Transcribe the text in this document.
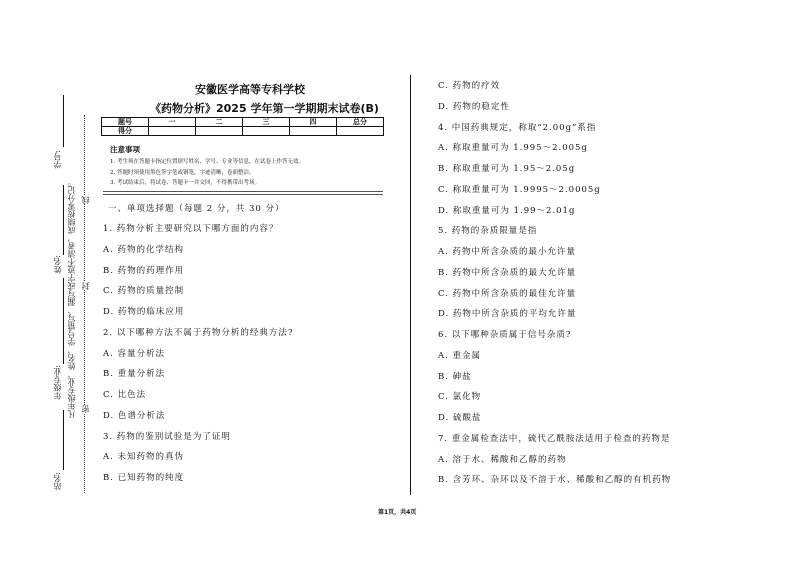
学号:
姓名:
年级专业:
站名:
凡年级专业、姓名、学号错写、漏写或字迹不清者，成绩按零分记。 线
封
密
安徽医学高等专科学校
《药物分析》2025 学年第一学期期末试卷(B)
题号	一	二	三	四	总分
得分					
注意事项
1. 考生须在答题卡指定位置填写姓名、学号、专业等信息，在试卷上作答无效。
2. 答题时须使用黑色签字笔或钢笔，字迹清晰，卷面整洁。
3. 考试结束后，将试卷、答题卡一并交回，不得携带出考场。
一、单项选择题（每题 2 分，共 30 分）
1. 药物分析主要研究以下哪方面的内容？
A. 药物的化学结构
B. 药物的药理作用
C. 药物的质量控制
D. 药物的临床应用
2. 以下哪种方法不属于药物分析的经典方法?
A. 容量分析法
B. 重量分析法
C. 比色法
D. 色谱分析法
3. 药物的鉴别试验是为了证明
A. 未知药物的真伪
B. 已知药物的纯度
C. 药物的疗效
D. 药物的稳定性
4. 中国药典规定，称取“2.00g”系指
A. 称取重量可为 1.995～2.005g
B. 称取重量可为 1.95～2.05g
C. 称取重量可为 1.9995～2.0005g
D. 称取重量可为 1.99～2.01g
5. 药物的杂质限量是指
A. 药物中所含杂质的最小允许量
B. 药物中所含杂质的最大允许量
C. 药物中所含杂质的最佳允许量
D. 药物中所含杂质的平均允许量
6. 以下哪种杂质属于信号杂质?
A. 重金属
B. 砷盐
C. 氯化物
D. 硫酸盐
7. 重金属检查法中，硫代乙酰胺法适用于检查的药物是
A. 溶于水、稀酸和乙醇的药物
B. 含芳环、杂环以及不溶于水、稀酸和乙醇的有机药物
第1页，共4页
